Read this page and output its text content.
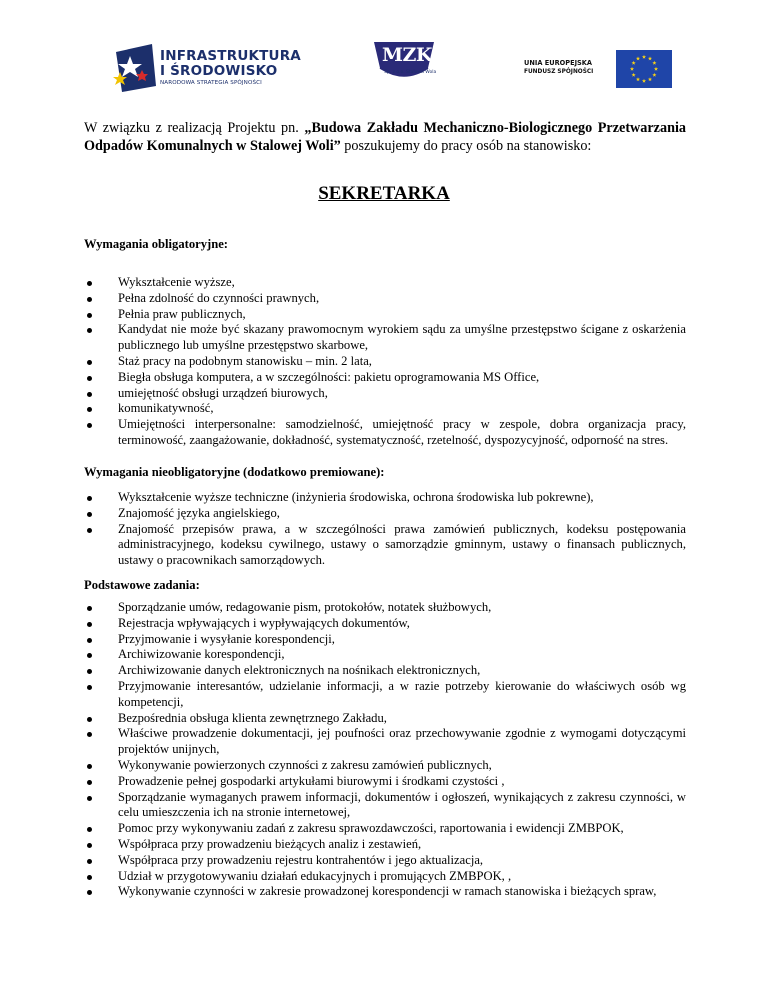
INFRASTRUKTURA
I ŚRODOWISKO
NARODOWA STRATEGIA SPÓJNOŚCI
MZK
Sp. z o.o. Stalowa Wola
UNIA EUROPEJSKA
FUNDUSZ SPÓJNOŚCI

W związku z realizacją Projektu pn. „Budowa Zakładu Mechaniczno-Biologicznego Przetwarzania Odpadów Komunalnych w Stalowej Woli” poszukujemy do pracy osób na stanowisko:

SEKRETARKA

Wymagania obligatoryjne:

Wykształcenie wyższe,
Pełna zdolność do czynności prawnych,
Pełnia praw publicznych,
Kandydat nie może być skazany prawomocnym wyrokiem sądu za umyślne przestępstwo ścigane z oskarżenia publicznego lub umyślne przestępstwo skarbowe,
Staż pracy na podobnym stanowisku – min. 2 lata,
Biegła obsługa komputera, a w szczególności: pakietu oprogramowania MS Office,
umiejętność obsługi urządzeń biurowych,
komunikatywność,
Umiejętności interpersonalne: samodzielność, umiejętność pracy w zespole, dobra organizacja pracy, terminowość, zaangażowanie, dokładność, systematyczność, rzetelność, dyspozycyjność, odporność na stres.

Wymagania nieobligatoryjne (dodatkowo premiowane):

Wykształcenie wyższe techniczne (inżynieria środowiska, ochrona środowiska lub pokrewne),
Znajomość języka angielskiego,
Znajomość przepisów prawa, a w szczególności prawa zamówień publicznych, kodeksu postępowania administracyjnego, kodeksu cywilnego, ustawy o samorządzie gminnym, ustawy o finansach publicznych, ustawy o pracownikach samorządowych.

Podstawowe zadania:

Sporządzanie umów, redagowanie pism, protokołów, notatek służbowych,
Rejestracja wpływających i wypływających dokumentów,
Przyjmowanie i wysyłanie korespondencji,
Archiwizowanie korespondencji,
Archiwizowanie danych elektronicznych na nośnikach elektronicznych,
Przyjmowanie interesantów, udzielanie informacji, a w razie potrzeby kierowanie do właściwych osób wg kompetencji,
Bezpośrednia obsługa klienta zewnętrznego Zakładu,
Właściwe prowadzenie dokumentacji, jej poufności oraz przechowywanie zgodnie z wymogami dotyczącymi projektów unijnych,
Wykonywanie powierzonych czynności z zakresu zamówień publicznych,
Prowadzenie pełnej gospodarki artykułami biurowymi i środkami czystości ,
Sporządzanie wymaganych prawem informacji, dokumentów i ogłoszeń, wynikających z zakresu czynności, w celu umieszczenia ich na stronie internetowej,
Pomoc przy wykonywaniu zadań z zakresu sprawozdawczości, raportowania i ewidencji ZMBPOK,
Współpraca przy prowadzeniu bieżących analiz i zestawień,
Współpraca przy prowadzeniu rejestru kontrahentów i jego aktualizacja,
Udział w przygotowywaniu działań edukacyjnych i promujących ZMBPOK, ,
Wykonywanie czynności w zakresie prowadzonej korespondencji w ramach stanowiska i bieżących spraw,
